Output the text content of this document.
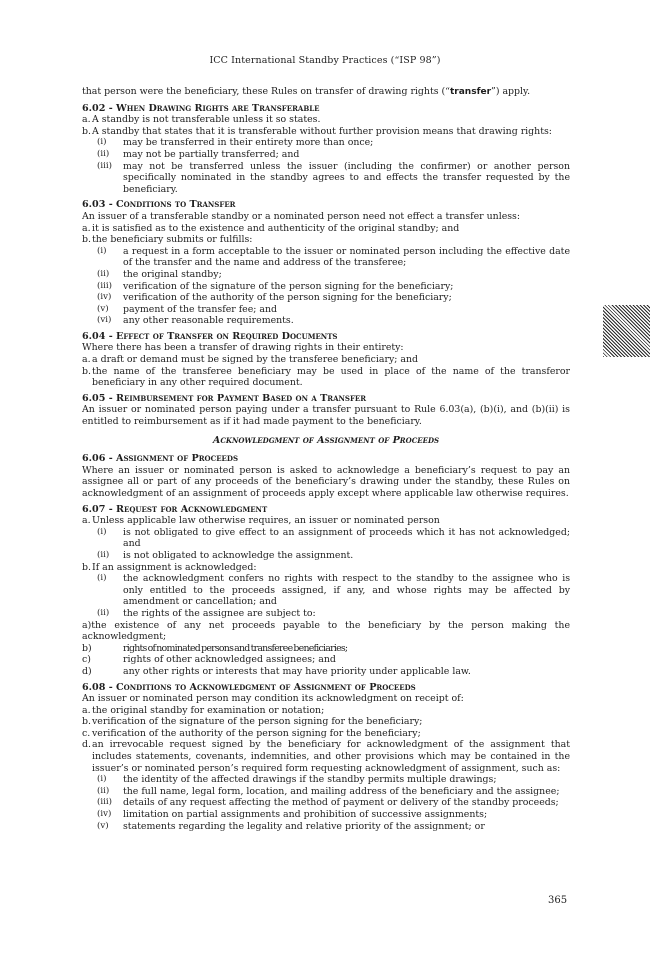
ICC International Standby Practices (“ISP 98”)

that person were the beneficiary, these Rules on transfer of drawing rights (“transfer”) apply.

6.02 - When Drawing Rights are Transferable

a. A standby is not transferable unless it so states.
b. A standby that states that it is transferable without further provision means that drawing rights:
(i)	may be transferred in their entirety more than once;
(ii)	may not be partially transferred; and
(iii)	may not be transferred unless the issuer (including the confirmer) or another person specifically nominated in the standby agrees to and effects the transfer requested by the beneficiary.

6.03 - Conditions to Transfer

An issuer of a transferable standby or a nominated person need not effect a transfer unless:

a. it is satisfied as to the existence and authenticity of the original standby; and
b. the beneficiary submits or fulfills:
(i)	a request in a form acceptable to the issuer or nominated person including the effective date of the transfer and the name and address of the transferee;
(ii)	the original standby;
(iii)	verification of the signature of the person signing for the beneficiary;
(iv)	verification of the authority of the person signing for the beneficiary;
(v)	payment of the transfer fee; and
(vi)	any other reasonable requirements.

6.04 - Effect of Transfer on Required Documents

Where there has been a transfer of drawing rights in their entirety:

a. a draft or demand must be signed by the transferee beneficiary; and
b. the name of the transferee beneficiary may be used in place of the name of the transferor beneficiary in any other required document.

6.05 - Reimbursement for Payment Based on a Transfer

An issuer or nominated person paying under a transfer pursuant to Rule 6.03(a), (b)(i), and (b)(ii) is entitled to reimbursement as if it had made payment to the beneficiary.

Acknowledgment of Assignment of Proceeds

6.06 - Assignment of Proceeds

Where an issuer or nominated person is asked to acknowledge a beneficiary’s request to pay an assignee all or part of any proceeds of the beneficiary’s drawing under the standby, these Rules on acknowledgment of an assignment of proceeds apply except where applicable law otherwise requires.

6.07 - Request for Acknowledgment

a. Unless applicable law otherwise requires, an issuer or nominated person
(i)	is not obligated to give effect to an assignment of proceeds which it has not acknowledged; and
(ii)	is not obligated to acknowledge the assignment.
b. If an assignment is acknowledged:
(i)	the acknowledgment confers no rights with respect to the standby to the assignee who is only entitled to the proceeds assigned, if any, and whose rights may be affected by amendment or cancellation; and
(ii)	the rights of the assignee are subject to:

a)the existence of any net proceeds payable to the beneficiary by the person making the acknowledgment;

b)	rights of nominated persons and transferee beneficiaries;
c)	rights of other acknowledged assignees; and
d)	any other rights or interests that may have priority under applicable law.

6.08 - Conditions to Acknowledgment of Assignment of Proceeds

An issuer or nominated person may condition its acknowledgment on receipt of:

a. the original standby for examination or notation;
b. verification of the signature of the person signing for the beneficiary;
c. verification of the authority of the person signing for the beneficiary;
d. an irrevocable request signed by the beneficiary for acknowledgment of the assignment that includes statements, covenants, indemnities, and other provisions which may be contained in the issuer’s or nominated person’s required form requesting acknowledgment of assignment, such as:
(i)	the identity of the affected drawings if the standby permits multiple drawings;
(ii)	the full name, legal form, location, and mailing address of the beneficiary and the assignee;
(iii)	details of any request affecting the method of payment or delivery of the standby proceeds;
(iv)	limitation on partial assignments and prohibition of successive assignments;
(v)	statements regarding the legality and relative priority of the assignment; or
365
